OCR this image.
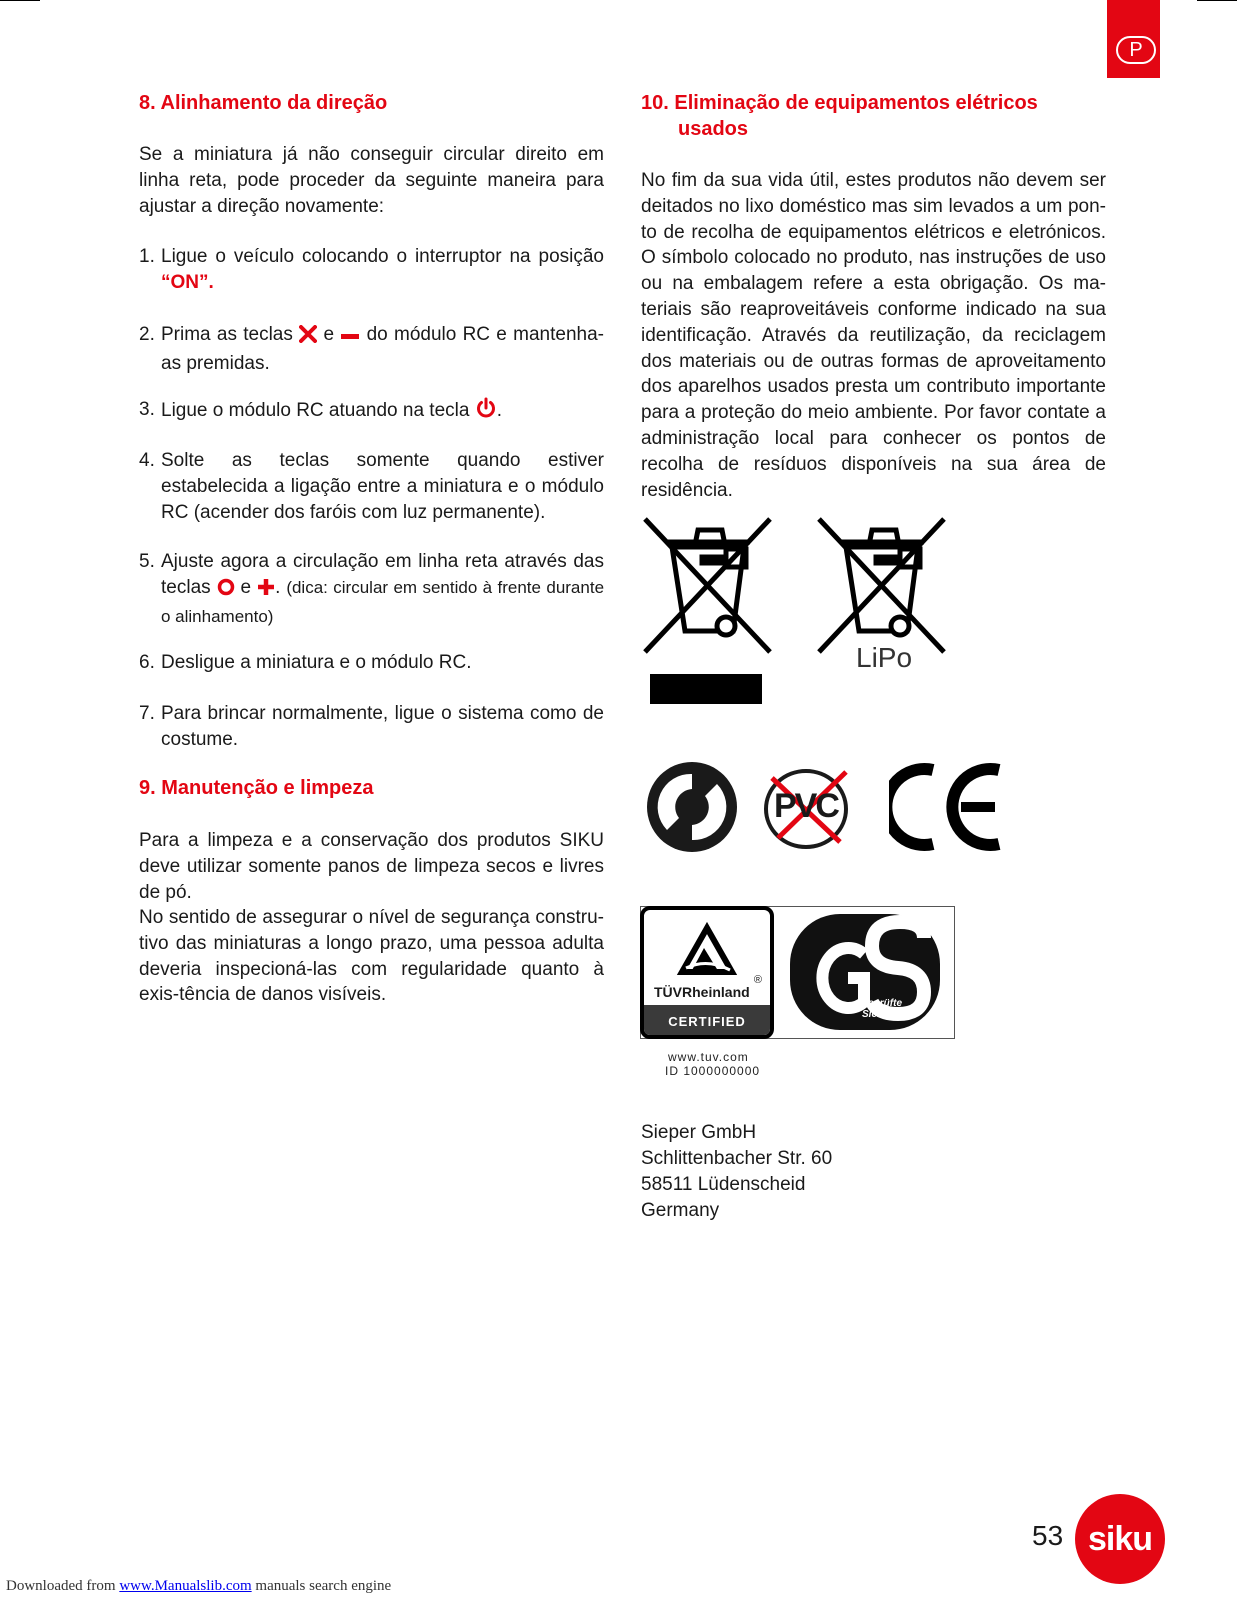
P
8. Alinhamento da direção

Se a miniatura já não conseguir circular direito em linha reta, pode proceder da seguinte maneira para ajustar a direção novamente:

1. Ligue o veículo colocando o interruptor na posição “ON”.
2. Prima as teclas e do módulo RC e mantenha-as premidas.
3. Ligue o módulo RC atuando na tecla .
4. Solte as teclas somente quando estiver estabelecida a ligação entre a miniatura e o módulo RC (acender dos faróis com luz permanente).
5. Ajuste agora a circulação em linha reta através das teclas e . (dica: circular em sentido à frente durante o alinhamento)
6. Desligue a miniatura e o módulo RC.
7. Para brincar normalmente, ligue o sistema como de costume.
9. Manutenção e limpeza

Para a limpeza e a conservação dos produtos SIKU deve utilizar somente panos de limpeza secos e livres de pó.

No sentido de assegurar o nível de segurança constru-tivo das miniaturas a longo prazo, uma pessoa adulta deveria inspecioná-las com regularidade quanto à exis-tência de danos visíveis.

10. Eliminação de equipamentos elétricos
usados

No fim da sua vida útil, estes produtos não devem ser deitados no lixo doméstico mas sim levados a um pon-to de recolha de equipamentos elétricos e eletrónicos. O símbolo colocado no produto, nas instruções de uso ou na embalagem refere a esta obrigação. Os ma-teriais são reaproveitáveis conforme indicado na sua identificação. Através da reutilização, da reciclagem dos materiais ou de outras formas de aproveitamento dos aparelhos usados presta um contributo importante para a proteção do meio ambiente. Por favor contate a administração local para conhecer os pontos de recolha de resíduos disponíveis na sua área de residência.

LiPo
PVC
®
TÜVRheinland
CERTIFIED
geprüfte
Sicherheit
www.tuv.com
ID 1000000000
Sieper GmbH
Schlittenbacher Str. 60
58511 Lüdenscheid
Germany
53 siku
Downloaded from www.Manualslib.com manuals search engine
